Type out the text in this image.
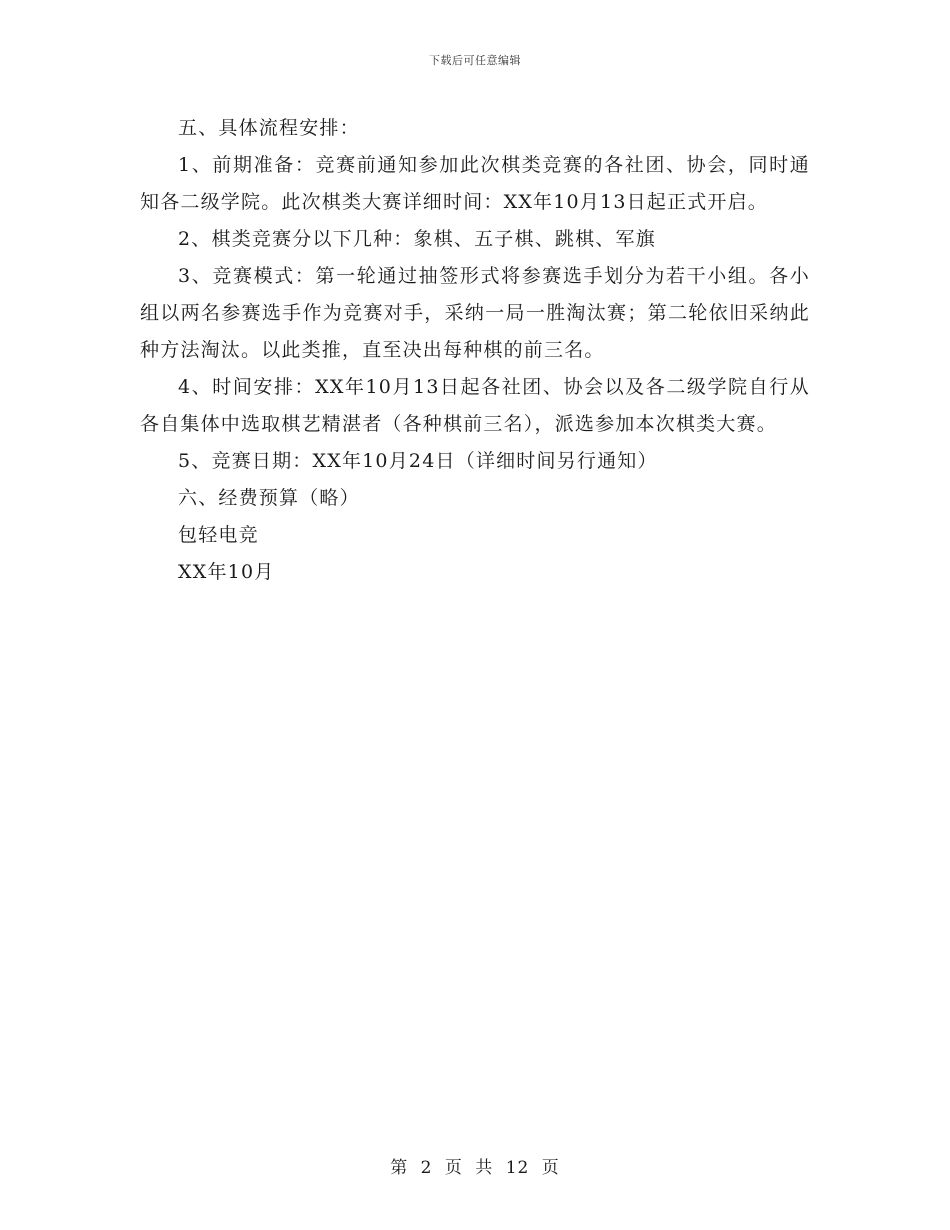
下载后可任意编辑

五、具体流程安排：

1、前期准备：竞赛前通知参加此次棋类竞赛的各社团、协会，同时通知各二级学院。此次棋类大赛详细时间：XX年10月13日起正式开启。

2、棋类竞赛分以下几种：象棋、五子棋、跳棋、军旗

3、竞赛模式：第一轮通过抽签形式将参赛选手划分为若干小组。各小组以两名参赛选手作为竞赛对手，采纳一局一胜淘汰赛；第二轮依旧采纳此种方法淘汰。以此类推，直至决出每种棋的前三名。

4、时间安排：XX年10月13日起各社团、协会以及各二级学院自行从各自集体中选取棋艺精湛者（各种棋前三名），派选参加本次棋类大赛。

5、竞赛日期：XX年10月24日（详细时间另行通知）

六、经费预算（略）

包轻电竞

XX年10月

第 2 页 共 12 页
